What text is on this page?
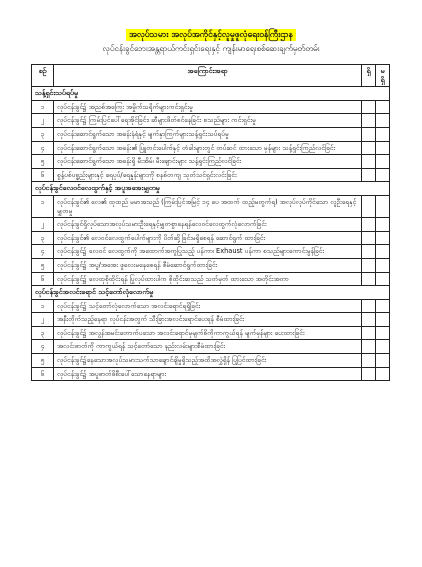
အလုပ်သမား အလုပ်အကိုင်နှင့်လူမှုဖူလုံရေးဝန်ကြီးဌာန
လုပ်ငန်းခွင်ဘေးအန္တရာယ်ကင်းရှင်းရေးနှင့် ကျန်းမာရေးစစ်ဆေးချက်မှတ်တမ်း
စဉ်	အကြောင်းအရာ	ရှိ	မရှိ
သန့်ရှင်းသပ်ရပ်မှု			
၁	လုပ်ငန်းခွင်၌ အညစ်အကြေး အမှိုက်သရိုက်များကင်းရှင်းမှု		
၂	လုပ်ငန်းခွင်၌ ကြမ်းပြင်ပေါ်ရေအိုင်ခြင်း၊ ဆီများဖိတ်စင်နေခြင်း စသည်များ ကင်းရှင်းမှု		
၃	လုပ်ငန်းဆောင်ရွက်သော အခန်းနံရံနှင့် မျက်နှာကြက်များသန့်ရှင်းသပ်ရပ်မှု		
၄	လုပ်ငန်းဆောင်ရွက်သော အခန်း၏ ပြူတင်းပေါက်နှင့် တံခါးများတွင် တပ်ဆင် ထားသော မှန်များ သန့်ရှင်းကြည်လင်ခြင်း		
၅	လုပ်ငန်းဆောင်ရွက်သော အခန်းရှိ မီးအိမ်၊ မီးချောင်းများ သန့်ရှင်းကြည်လင်ခြင်း		
၆	စွန့်ပစ်ပစ္စည်းများနှင့် ရေပုပ်/ရေနှုန်းများကို စနစ်တကျ သုတ်သင်ရှင်းလင်းခြင်း		
လုပ်ငန်းခွင်လေဝင်လေထွက်နှင့် အပူအအေးမျှတမှု			
၁	လုပ်ငန်းခွင်၏ လေ၏ ထုထည် မမာအသည် (ကြမ်းပြင်အမြင့် ၁၄ ပေ အထက် ထည့်မတွက်ရ) အလုပ်လုပ်ကိုင်သော လူဦးရေနှင့် မျှတမှု		
၂	လုပ်ငန်းခွင်ရှိလုပ်သောအလုပ်သမားဦးရေနှင့်မျှတစွာနေရန်လေဝင်လေထွက်လုံလောက်ခြင်း		
၃	လုပ်ငန်းခွင်၏ လေဝင်လေထွက်ပေါက်များကို ပိတ်ဆို့ခြင်းမရှိစေရန် ဆောင်ရွက် ထားခြင်း		
၄	လုပ်ငန်းခွင်၌ လေဝင် လေထွက်ကို အထောက်အကူပြုသည့် ပန်ကာ၊ Exhaust ပန်ကာ စသည်များကောင်းမွန်ခြင်း		
၅	လုပ်ငန်းခွင်၌ အပူ/အအေး ဖူလေးမနေစေရန် စီမံဆောင်ရွက်ထားခြင်း		
၆	လုပ်ငန်းခွင်၌ လေထုစိုထိုင်းရန် ပြုလုပ်ထားပါက စိုထိုင်းဆသည် သတ်မှတ် ထားသော အတိုင်းအတာ		
လုပ်ငန်းခွင်အလင်းရောင် သင့်တော်လုံလောက်မှု			
၁	လုပ်ငန်းခွင်၌ သင့်တော်လုံလောက်သော အလင်းရောင်ရရှိခြင်း		
၂	အနီးတိုက်သည့်နေရာ လုပ်ငန်းအတွက် သီးခြားအလင်းရောင်ပေးရန် စီမံထားခြင်း		
၃	လုပ်ငန်းခွင်၌ အလွန်အမင်းတောက်ပသော အလင်းရောင်မှမျက်စိကိုကာကွယ်ရန် မျက်မှန်များ ပေးထားခြင်း		
၄	အလင်းဓာတ်ကို ကာကွယ်ရန် သင့်တော်သော နည်းလမ်းများစီမံထားခြင်း		
၅	လုပ်ငန်းခွင်၌နေသောအလုပ်သမားသက်သာချောင်ချိမှုရှိသည့်အထိအလွှဲရှိန် ပြုပြင်ထားခြင်း		
၆	လုပ်ငန်းခွင်၌ အပူဓာတ်ဖိစီးပေါ်သောနေရာများ		
